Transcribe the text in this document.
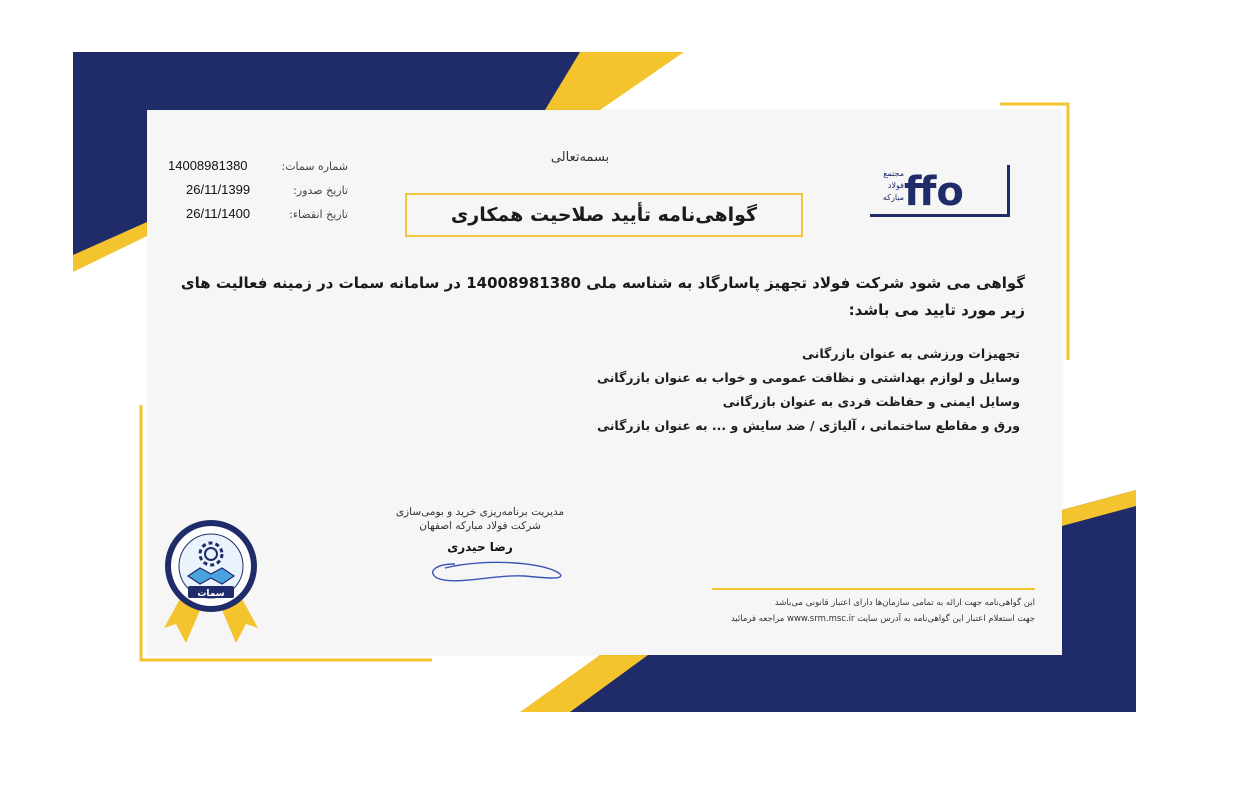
بسمه‌تعالی
14008981380	شماره سمات:
26/11/1399	تاریخ صدور:
26/11/1400	تاریخ انقضاء:	گواهی‌نامه تأیید صلاحیت همکاری	ffo
مجتمع
فولاد
مبارکه
گواهی می شود شرکت فولاد تجهیز پاسارگاد به شناسه ملی 14008981380 در سامانه سمات در زمینه فعالیت های زیر مورد تایید می باشد:
تجهیزات ورزشی به عنوان بازرگانی
وسایل و لوازم بهداشتی و نظافت عمومی و خواب به عنوان بازرگانی
وسایل ایمنی و حفاظت فردی به عنوان بازرگانی
ورق و مقاطع ساختمانی ، آلیاژی / ضد سایش و ... به عنوان بازرگانی
مدیریت برنامه‌ریزی خرید و بومی‌سازی
شرکت فولاد مبارکه اصفهان
رضا حیدری
این گواهی‌نامه جهت ارائه به تمامی سازمان‌ها دارای اعتبار قانونی می‌باشد
جهت استعلام اعتبار این گواهی‌نامه به آدرس سایت www.srm.msc.ir مراجعه فرمائید
سمات
